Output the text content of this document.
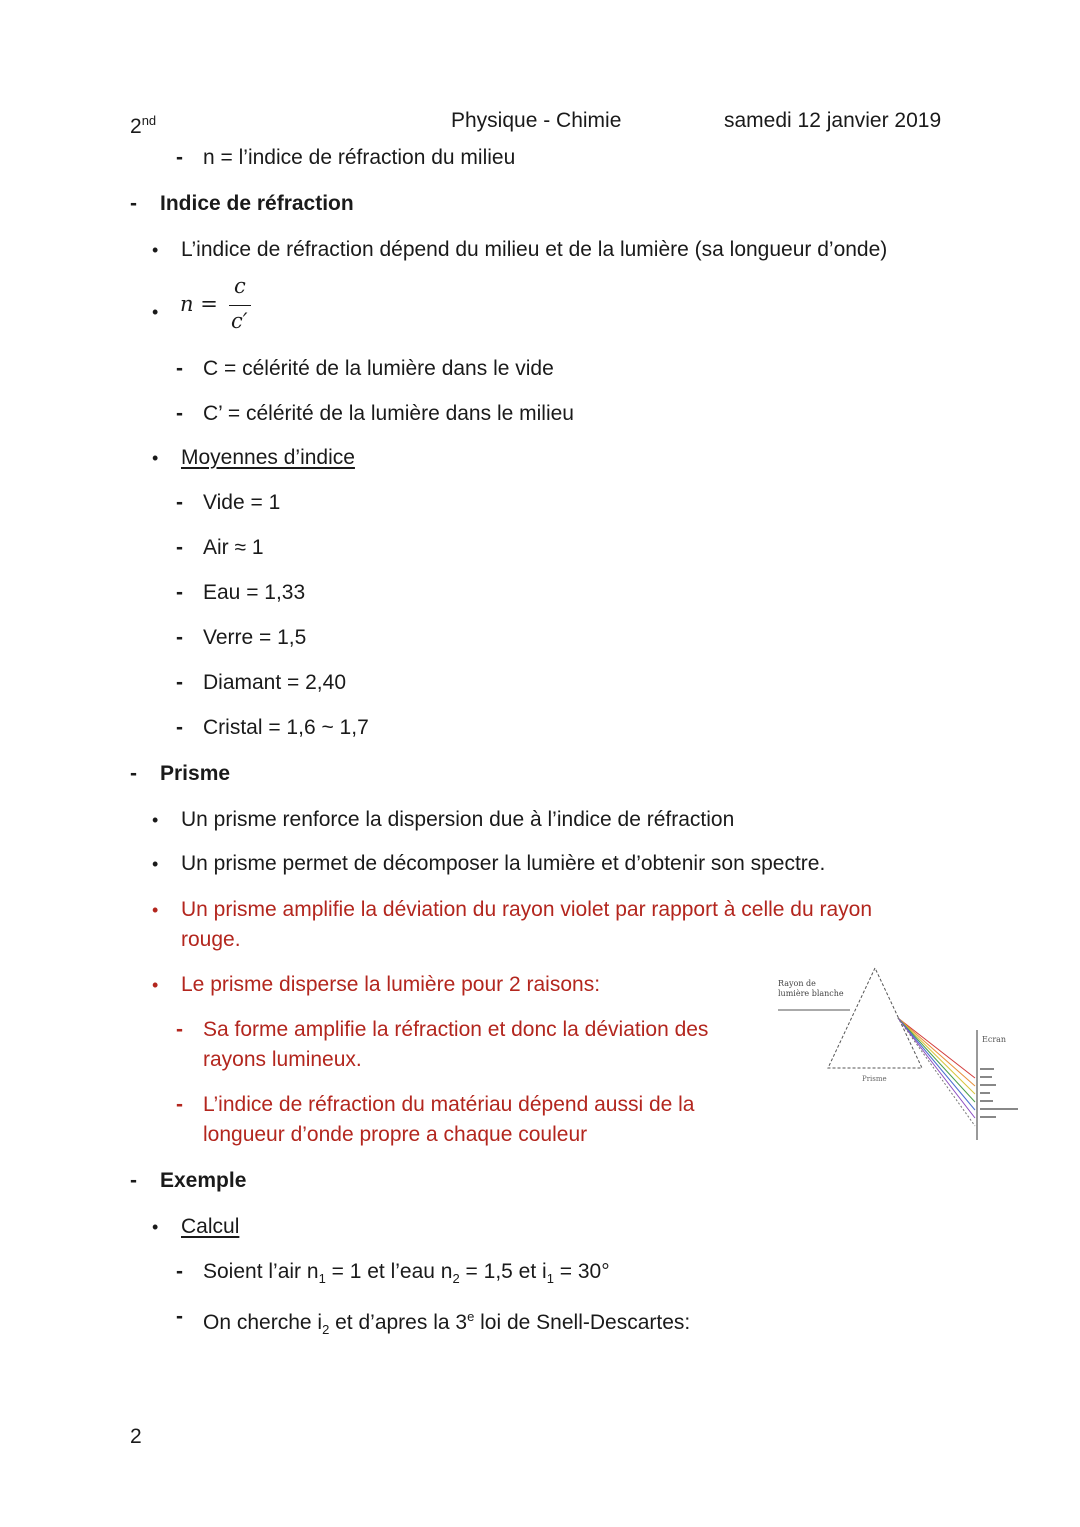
2nd	Physique - Chimie	samedi 12 janvier 2019
- n = l’indice de réfraction du milieu
- Indice de réfraction
• L’indice de réfraction dépend du milieu et de la lumière (sa longueur d’onde)
• n =
c
c′
- C = célérité de la lumière dans le vide
- C’ = célérité de la lumière dans le milieu
• Moyennes d’indice
- Vide = 1
- Air ≈ 1
- Eau = 1,33
- Verre = 1,5
- Diamant = 2,40
- Cristal = 1,6 ~ 1,7
- Prisme
• Un prisme renforce la dispersion due à l’indice de réfraction
• Un prisme permet de décomposer la lumière et d’obtenir son spectre.
• Un prisme amplifie la déviation du rayon violet par rapport à celle du rayon
rouge.
• Le prisme disperse la lumière pour 2 raisons:
- Sa forme amplifie la réfraction et donc la déviation des
rayons lumineux.
- L’indice de réfraction du matériau dépend aussi de la
longueur d’onde propre a chaque couleur
Rayon de
lumière blanche
Prisme
Ecran
- Exemple
• Calcul
- Soient l’air $n_1 = 1$ et l’eau $n_2 = 1,5$ et $i_1 = 30^\circ$
- On cherche $i_2$ et d’apres la 3e loi de Snell-Descartes:
2
